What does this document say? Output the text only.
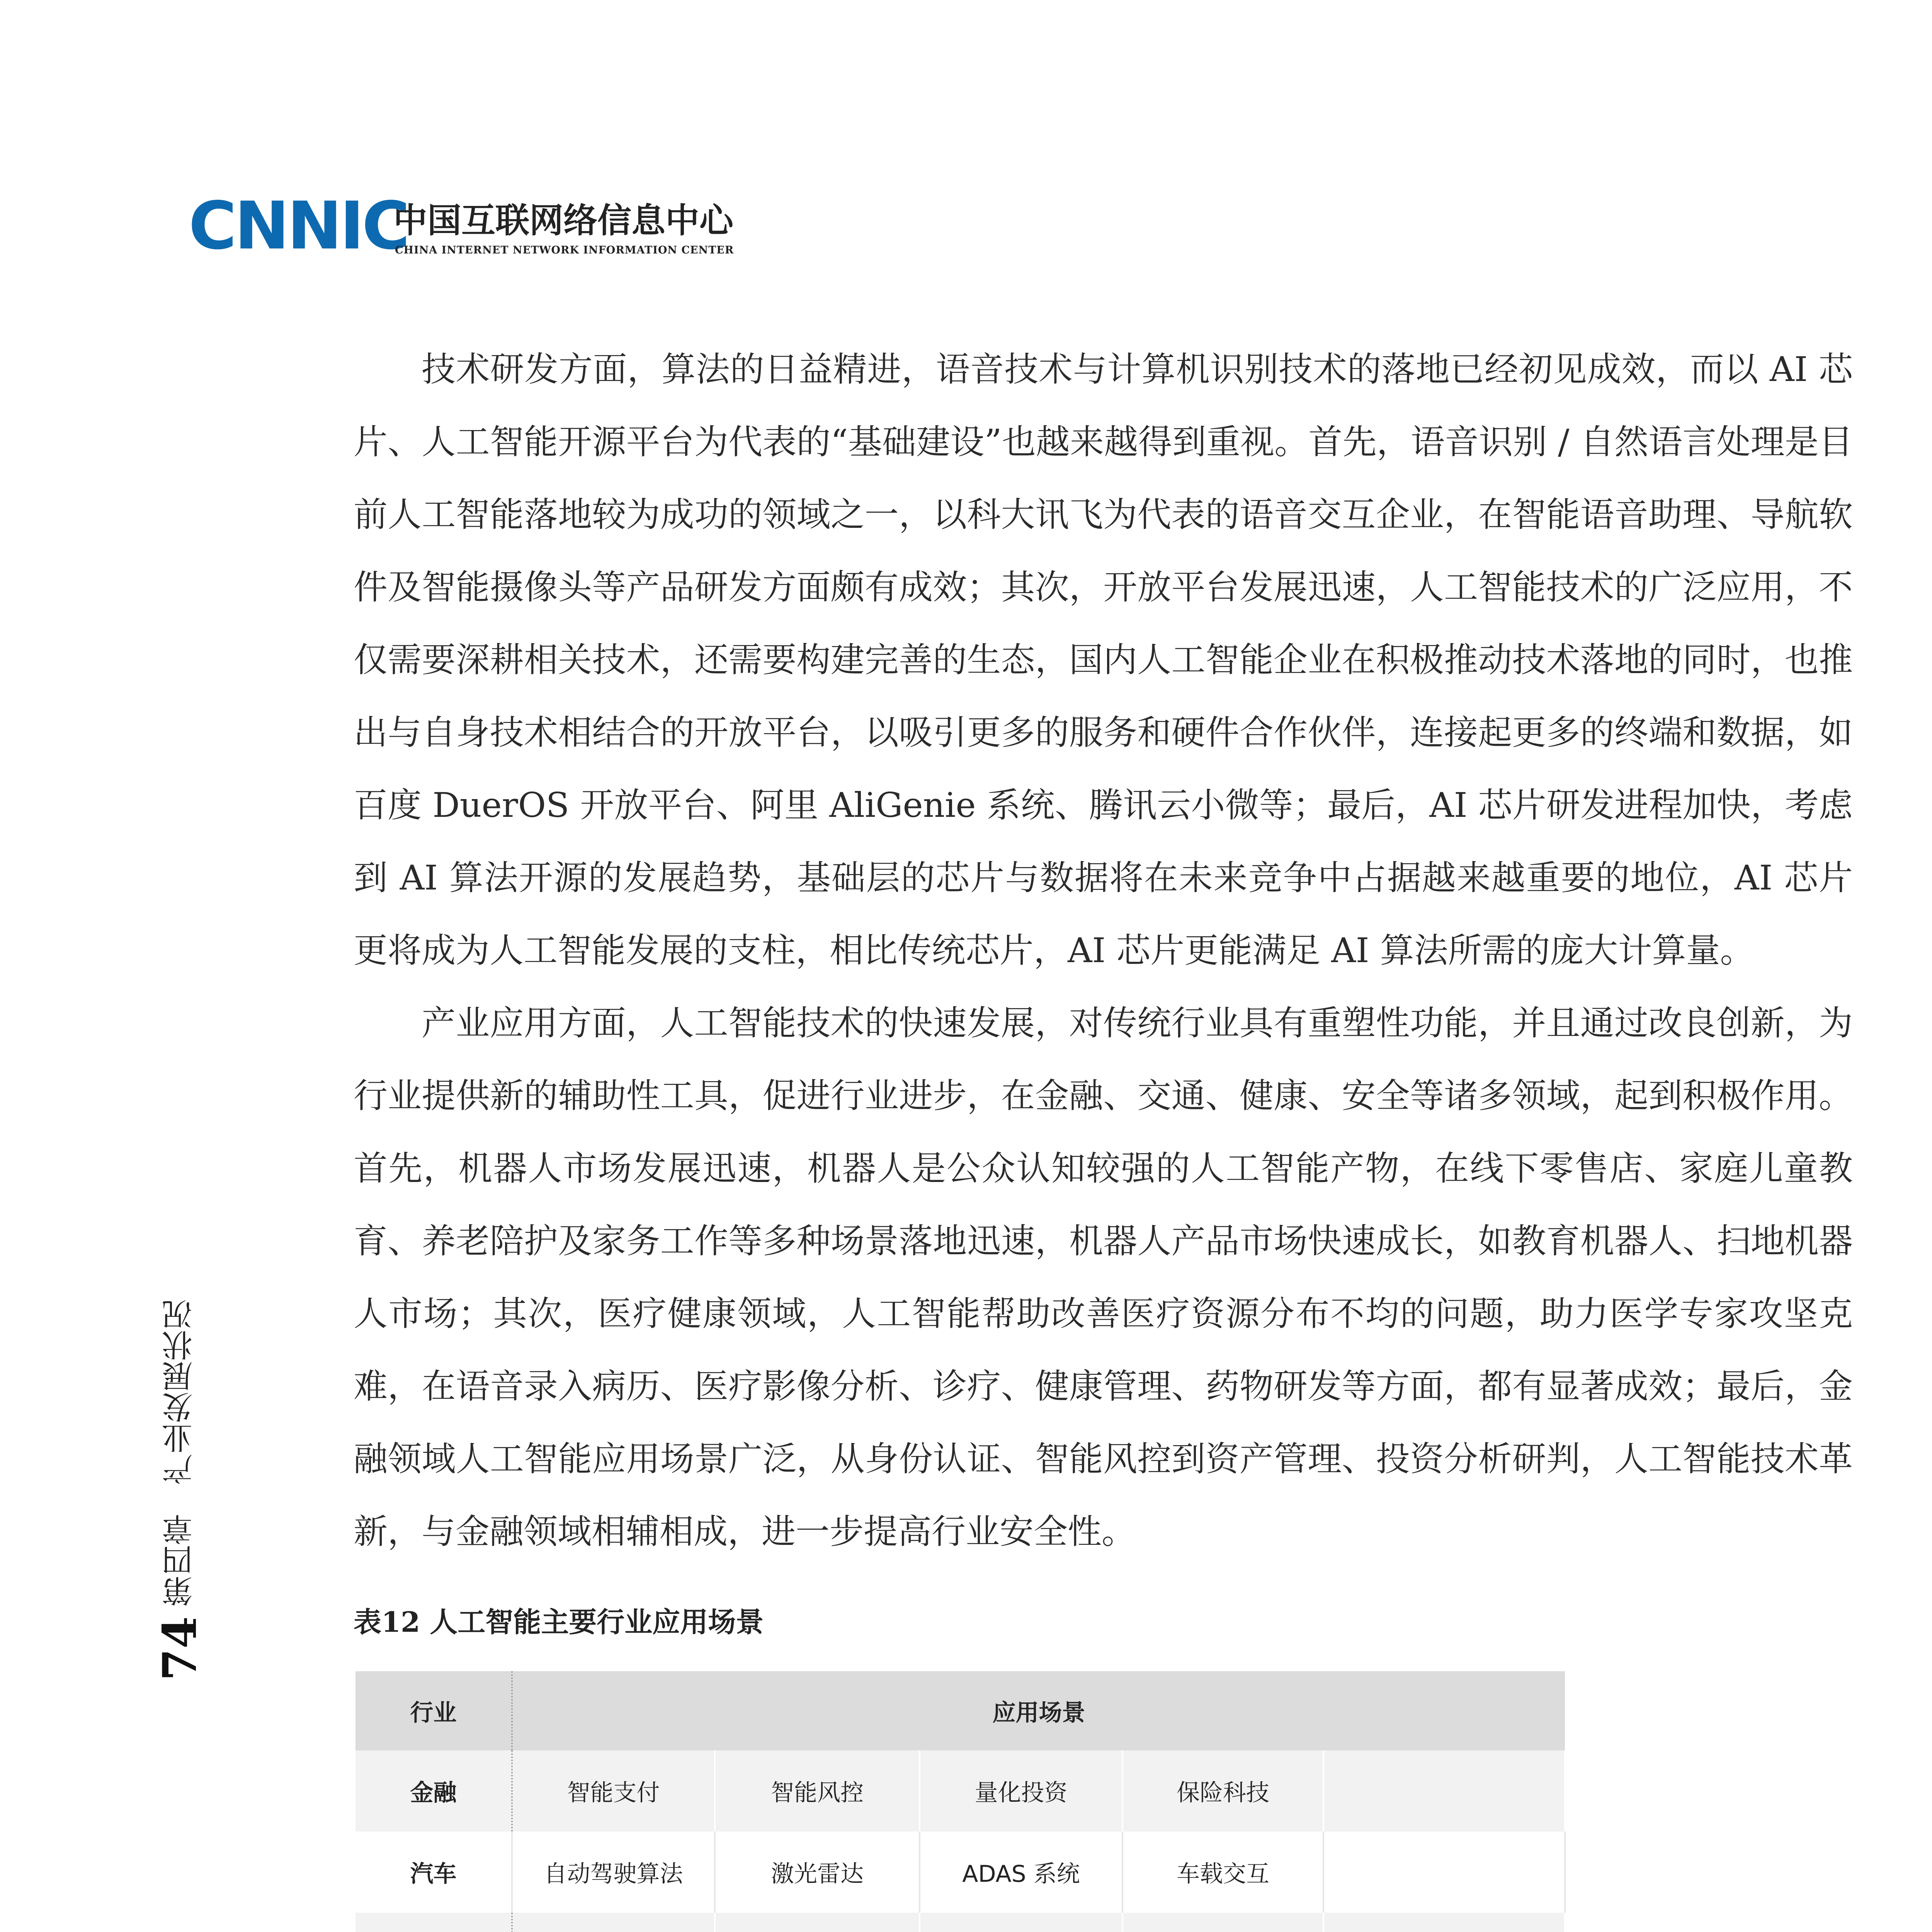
CNNIC
中国互联网络信息中心
CHINA INTERNET NETWORK INFORMATION CENTER
74 第四章 产业发展状况

技术研发方面，算法的日益精进，语音技术与计算机识别技术的落地已经初见成效，而以 AI 芯片、人工智能开源平台为代表的“基础建设”也越来越得到重视。首先，语音识别 / 自然语言处理是目前人工智能落地较为成功的领域之一，以科大讯飞为代表的语音交互企业，在智能语音助理、导航软件及智能摄像头等产品研发方面颇有成效；其次，开放平台发展迅速，人工智能技术的广泛应用，不仅需要深耕相关技术，还需要构建完善的生态，国内人工智能企业在积极推动技术落地的同时，也推出与自身技术相结合的开放平台，以吸引更多的服务和硬件合作伙伴，连接起更多的终端和数据，如百度 DuerOS 开放平台、阿里 AliGenie 系统、腾讯云小微等；最后，AI 芯片研发进程加快，考虑到 AI 算法开源的发展趋势，基础层的芯片与数据将在未来竞争中占据越来越重要的地位，AI 芯片更将成为人工智能发展的支柱，相比传统芯片，AI 芯片更能满足 AI 算法所需的庞大计算量。

产业应用方面，人工智能技术的快速发展，对传统行业具有重塑性功能，并且通过改良创新，为行业提供新的辅助性工具，促进行业进步，在金融、交通、健康、安全等诸多领域，起到积极作用。首先，机器人市场发展迅速，机器人是公众认知较强的人工智能产物，在线下零售店、家庭儿童教育、养老陪护及家务工作等多种场景落地迅速，机器人产品市场快速成长，如教育机器人、扫地机器人市场；其次，医疗健康领域，人工智能帮助改善医疗资源分布不均的问题，助力医学专家攻坚克难，在语音录入病历、医疗影像分析、诊疗、健康管理、药物研发等方面，都有显著成效；最后，金融领域人工智能应用场景广泛，从身份认证、智能风控到资产管理、投资分析研判，人工智能技术革新，与金融领域相辅相成，进一步提高行业安全性。

表12 人工智能主要行业应用场景
行业	应用场景				
金融	智能支付	智能风控	量化投资	保险科技	
汽车	自动驾驶算法	激光雷达	ADAS 系统	车载交互	
